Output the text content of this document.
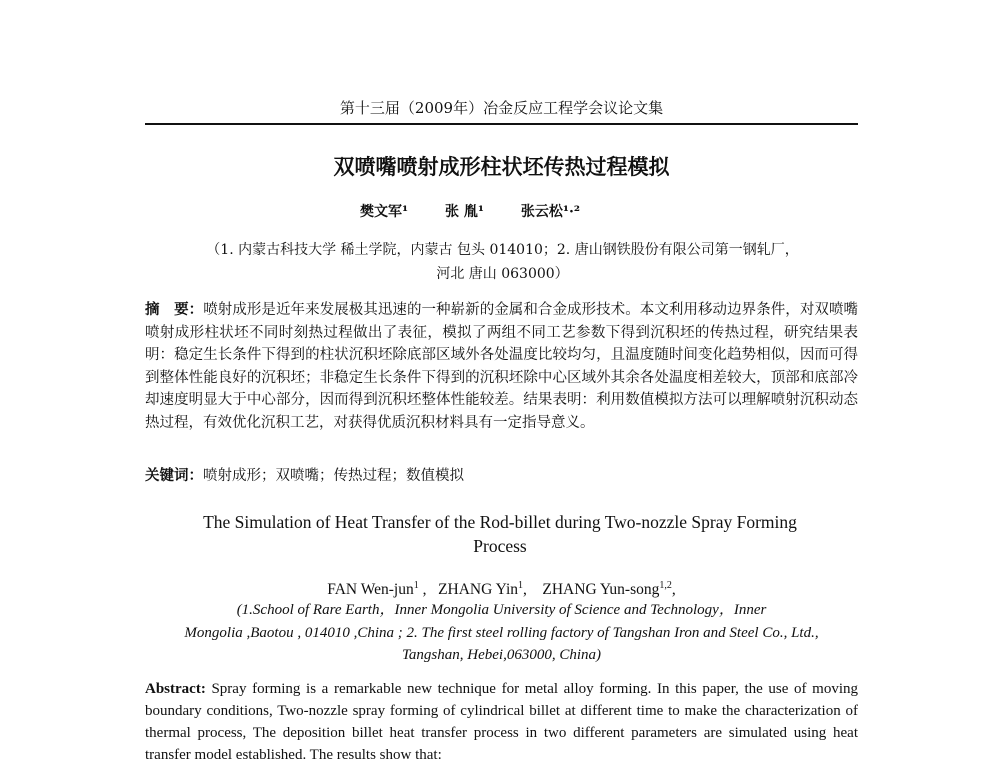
第十三届（2009年）冶金反应工程学会议论文集
双喷嘴喷射成形柱状坯传热过程模拟
樊文军¹	张 胤¹	张云松¹·²
（1. 内蒙古科技大学 稀土学院，内蒙古 包头 014010；2. 唐山钢铁股份有限公司第一钢轧厂，
河北 唐山 063000）
摘　要：喷射成形是近年来发展极其迅速的一种崭新的金属和合金成形技术。本文利用移动边界条件，对双喷嘴喷射成形柱状坯不同时刻热过程做出了表征，模拟了两组不同工艺参数下得到沉积坯的传热过程，研究结果表明：稳定生长条件下得到的柱状沉积坯除底部区域外各处温度比较均匀，且温度随时间变化趋势相似，因而可得到整体性能良好的沉积坯；非稳定生长条件下得到的沉积坯除中心区域外其余各处温度相差较大，顶部和底部冷却速度明显大于中心部分，因而得到沉积坯整体性能较差。结果表明：利用数值模拟方法可以理解喷射沉积动态热过程，有效优化沉积工艺，对获得优质沉积材料具有一定指导意义。
关键词：喷射成形；双喷嘴；传热过程；数值模拟
The Simulation of Heat Transfer of the Rod-billet during Two-nozzle Spray Forming
Process
FAN Wen-jun$^1$ ,   ZHANG Yin$^1$,    ZHANG Yun-song$^{1,2}$,
(1.School of Rare Earth，Inner Mongolia University of Science and Technology，Inner
Mongolia ,Baotou , 014010 ,China ; 2. The first steel rolling factory of Tangshan Iron and Steel Co., Ltd.,
Tangshan, Hebei,063000, China)
Abstract: Spray forming is a remarkable new technique for metal alloy forming. In this paper, the use of moving boundary conditions, Two-nozzle spray forming of cylindrical billet at different time to make the characterization of thermal process, The deposition billet heat transfer process in two different parameters are simulated using heat transfer model established. The results show that:
